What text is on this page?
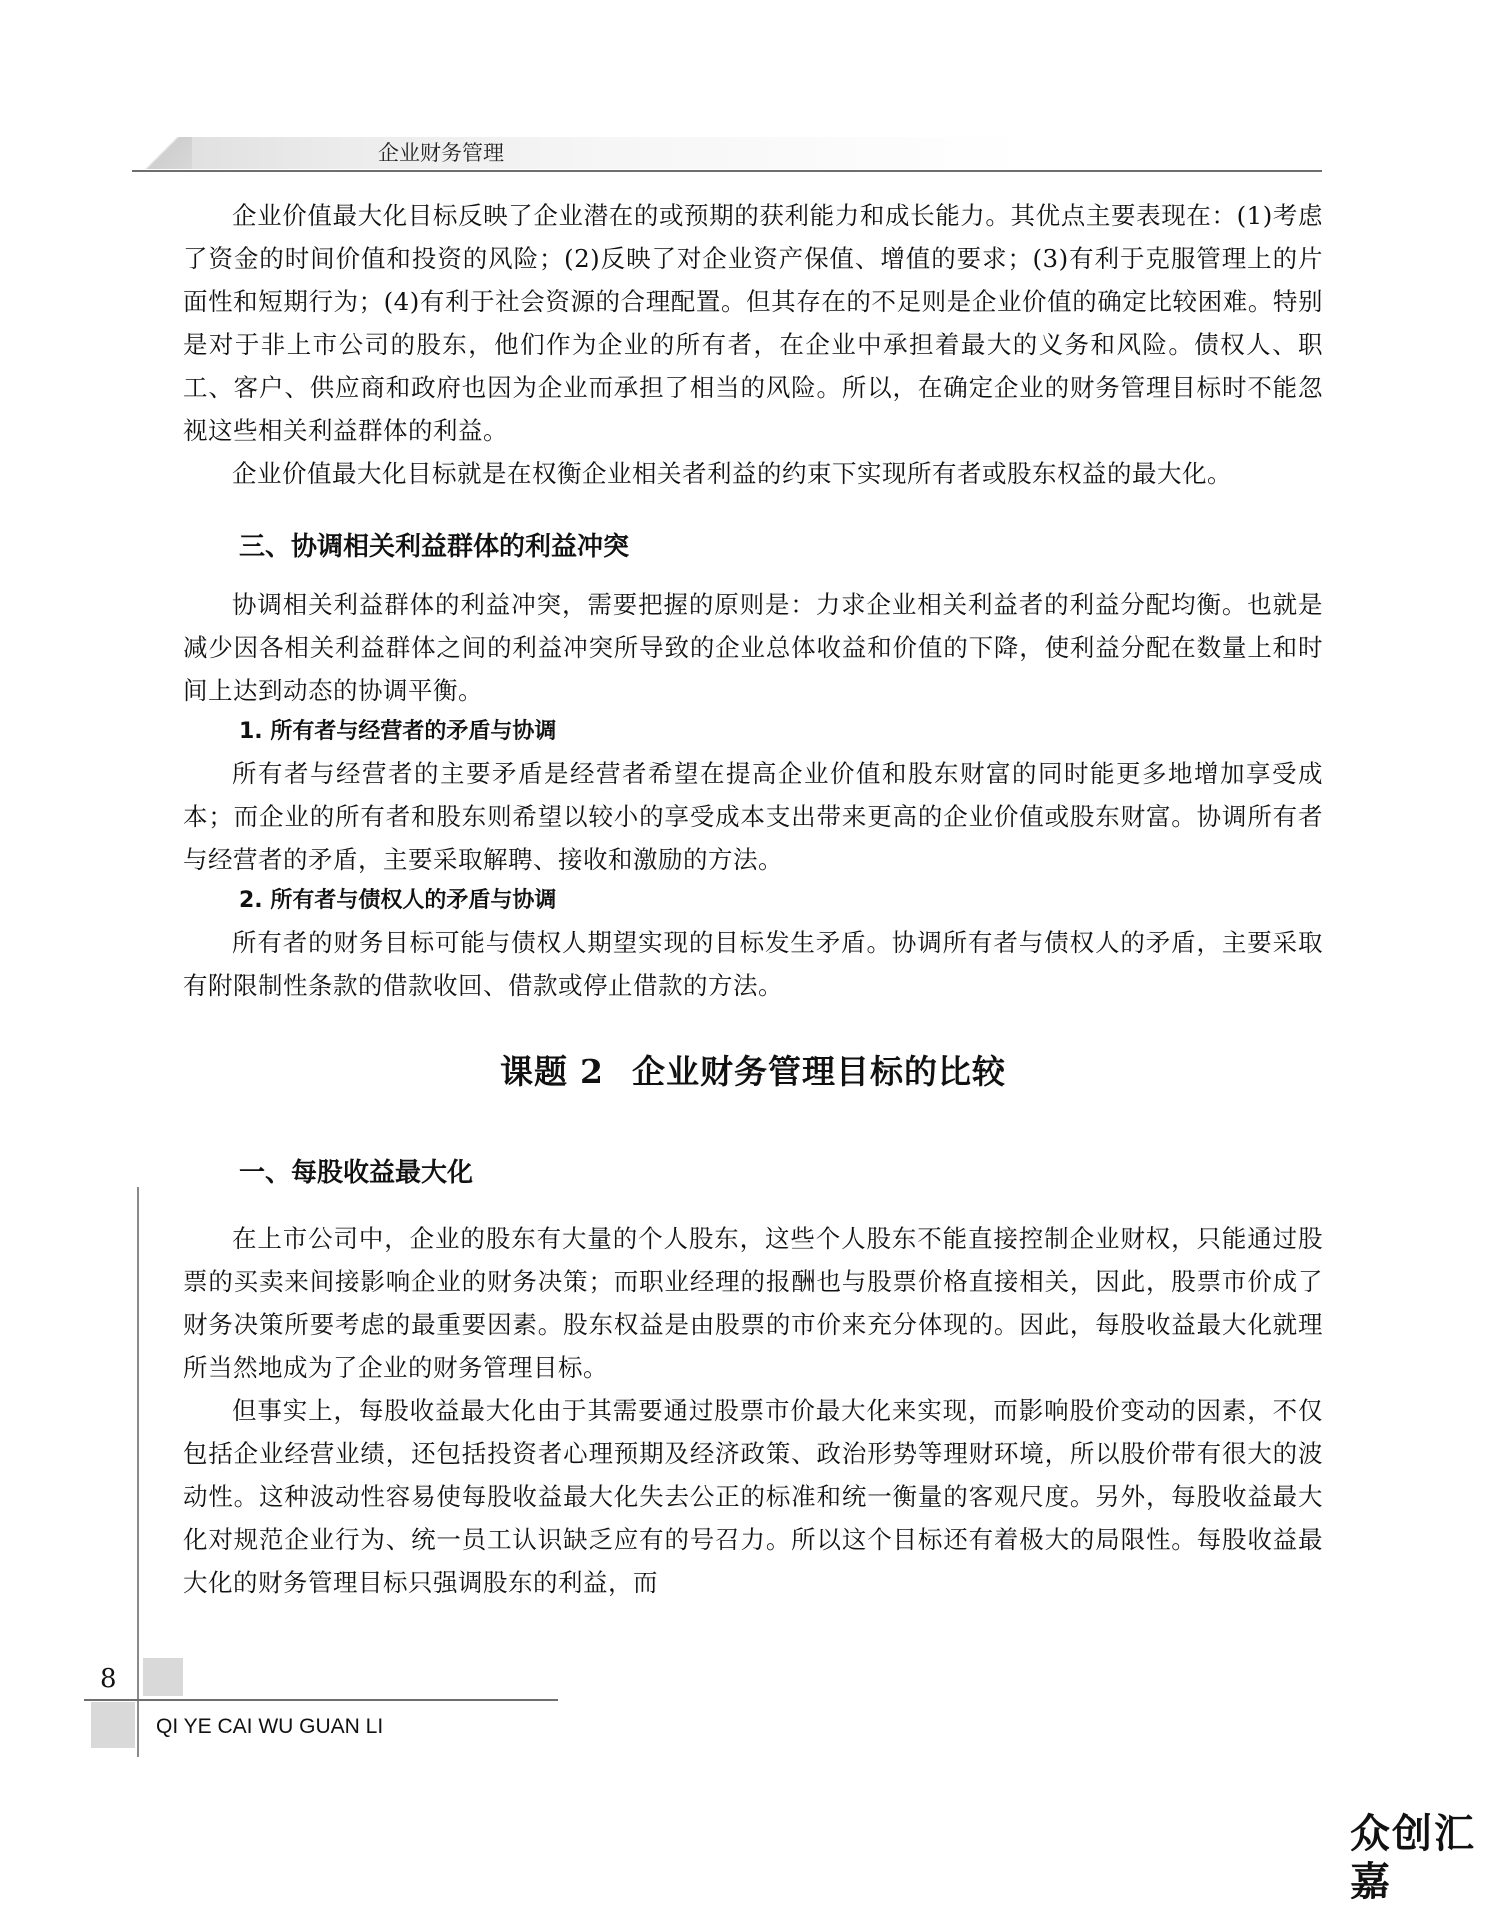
企业财务管理

企业价值最大化目标反映了企业潜在的或预期的获利能力和成长能力。其优点主要表现在：(1)考虑了资金的时间价值和投资的风险；(2)反映了对企业资产保值、增值的要求；(3)有利于克服管理上的片面性和短期行为；(4)有利于社会资源的合理配置。但其存在的不足则是企业价值的确定比较困难。特别是对于非上市公司的股东，他们作为企业的所有者，在企业中承担着最大的义务和风险。债权人、职工、客户、供应商和政府也因为企业而承担了相当的风险。所以，在确定企业的财务管理目标时不能忽视这些相关利益群体的利益。

企业价值最大化目标就是在权衡企业相关者利益的约束下实现所有者或股东权益的最大化。

三、协调相关利益群体的利益冲突

协调相关利益群体的利益冲突，需要把握的原则是：力求企业相关利益者的利益分配均衡。也就是减少因各相关利益群体之间的利益冲突所导致的企业总体收益和价值的下降，使利益分配在数量上和时间上达到动态的协调平衡。

1. 所有者与经营者的矛盾与协调

所有者与经营者的主要矛盾是经营者希望在提高企业价值和股东财富的同时能更多地增加享受成本；而企业的所有者和股东则希望以较小的享受成本支出带来更高的企业价值或股东财富。协调所有者与经营者的矛盾，主要采取解聘、接收和激励的方法。

2. 所有者与债权人的矛盾与协调

所有者的财务目标可能与债权人期望实现的目标发生矛盾。协调所有者与债权人的矛盾，主要采取有附限制性条款的借款收回、借款或停止借款的方法。

课题 2 企业财务管理目标的比较
一、每股收益最大化

在上市公司中，企业的股东有大量的个人股东，这些个人股东不能直接控制企业财权，只能通过股票的买卖来间接影响企业的财务决策；而职业经理的报酬也与股票价格直接相关，因此，股票市价成了财务决策所要考虑的最重要因素。股东权益是由股票的市价来充分体现的。因此，每股收益最大化就理所当然地成为了企业的财务管理目标。

但事实上，每股收益最大化由于其需要通过股票市价最大化来实现，而影响股价变动的因素，不仅包括企业经营业绩，还包括投资者心理预期及经济政策、政治形势等理财环境，所以股价带有很大的波动性。这种波动性容易使每股收益最大化失去公正的标准和统一衡量的客观尺度。另外，每股收益最大化对规范企业行为、统一员工认识缺乏应有的号召力。所以这个目标还有着极大的局限性。每股收益最大化的财务管理目标只强调股东的利益，而

8
QI YE CAI WU GUAN LI
众创汇嘉
